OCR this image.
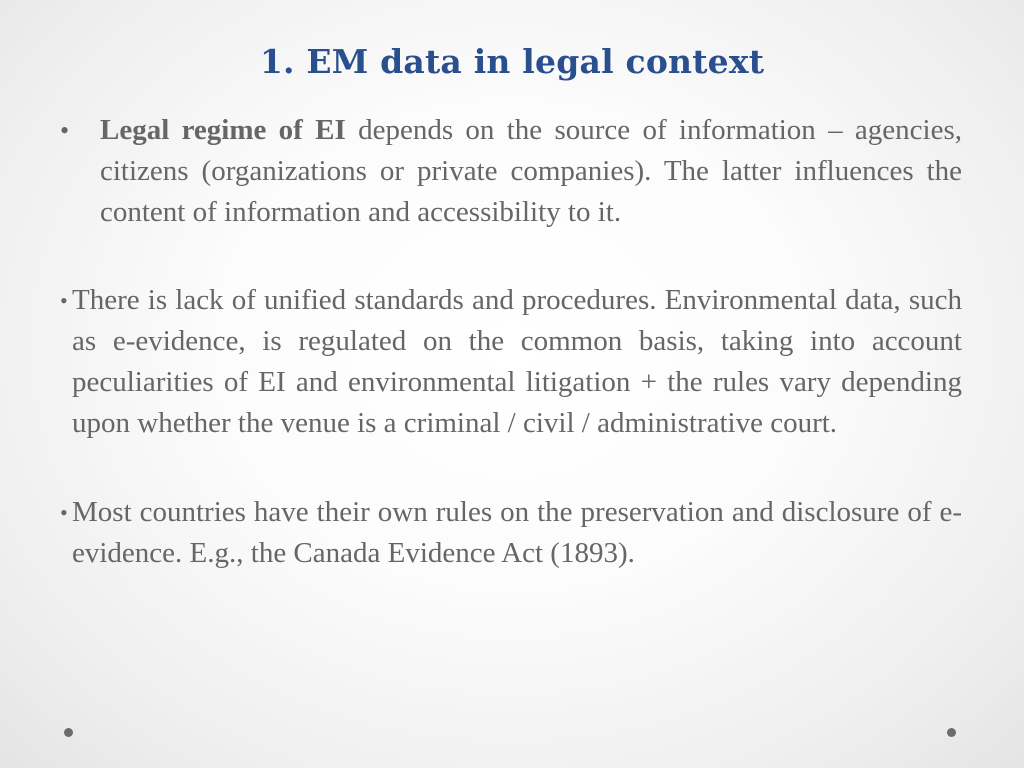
1. EM data in legal context
• Legal regime of EI depends on the source of information – agencies, citizens (organizations or private companies). The latter influences the content of information and accessibility to it.
• There is lack of unified standards and procedures. Environmental data, such as e-evidence, is regulated on the common basis, taking into account peculiarities of EI and environmental litigation + the rules vary depending upon whether the venue is a criminal / civil / administrative court.
• Most countries have their own rules on the preservation and disclosure of e-evidence. E.g., the Canada Evidence Act (1893).
